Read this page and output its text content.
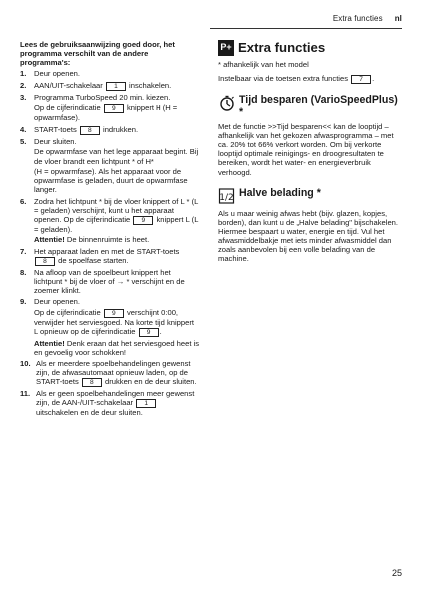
Extra functies nl
Lees de gebruiksaanwijzing goed door, het programma verschilt van de andere programma's:
1.	Deur openen.
2.	AAN/UIT-schakelaar 1 inschakelen.
3.	Programma TurboSpeed 20 min. kiezen.
Op de cijferindicatie 9 knippert H (H = opwarmfase).
4.	START-toets 8 indrukken.
5.	Deur sluiten.
De opwarmfase van het lege apparaat begint. Bij de vloer brandt een lichtpunt * of H*
(H = opwarmfase). Als het apparaat voor de opwarmfase is geladen, duurt de opwarmfase langer.
6.	Zodra het lichtpunt * bij de vloer knippert of L * (L = geladen) verschijnt, kunt u het apparaat openen. Op de cijferindicatie 9 knippert L (L = geladen).
Attentie! De binnenruimte is heet.
7.	Het apparaat laden en met de START-toets 8 de spoelfase starten.
8.	Na afloop van de spoelbeurt knippert het lichtpunt * bij de vloer of → * verschijnt en de zoemer klinkt.
9.	Deur openen.
Op de cijferindicatie 9 verschijnt 0:00, verwijder het serviesgoed. Na korte tijd knippert L opnieuw op de cijferindicatie 9 .
Attentie! Denk eraan dat het serviesgoed heet is en gevoelig voor schokken!
10. Als er meerdere spoelbehandelingen gewenst zijn, de afwasautomaat opnieuw laden, op de START-toets 8 drukken en de deur sluiten.
11. Als er geen spoelbehandelingen meer gewenst zijn, de AAN-/UIT-schakelaar 1 uitschakelen en de deur sluiten.
P+ Extra functies

* afhankelijk van het model

Instelbaar via de toetsen extra functies 7 .

Tijd besparen (VarioSpeedPlus) *

Met de functie >>Tijd besparen<< kan de looptijd – afhankelijk van het gekozen afwasprogramma – met ca. 20% tot 66% verkort worden. Om bij verkorte looptijd optimale reinigings- en droogresultaten te bereiken, wordt het water- en energieverbruik verhoogd.

1/2 Halve belading *

Als u maar weinig afwas hebt (bijv. glazen, kopjes, borden), dan kunt u de „Halve belading" bijschakelen. Hiermee bespaart u water, energie en tijd. Vul het afwasmiddelbakje met iets minder afwasmiddel dan zoals aanbevolen bij een volle belading van de machine.

25
